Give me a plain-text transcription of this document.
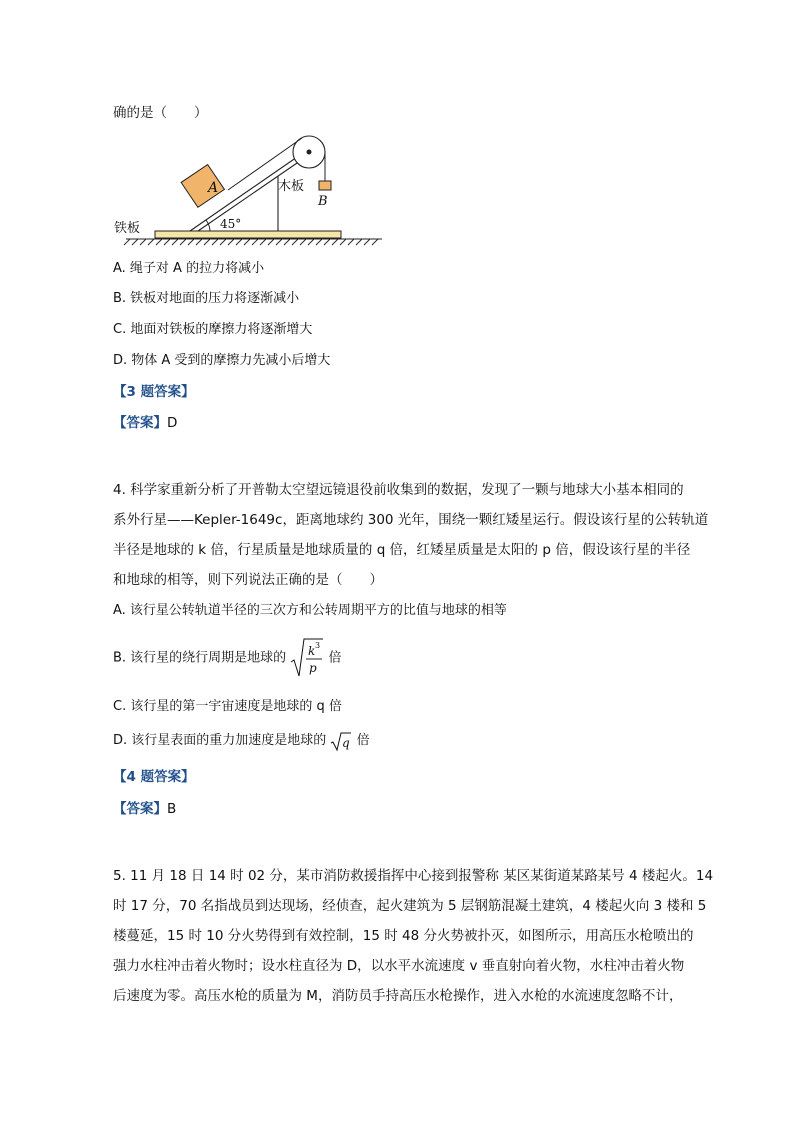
确的是（　　）
A
B
木板
铁板	45°
A. 绳子对 A 的拉力将减小
B. 铁板对地面的压力将逐渐减小
C. 地面对铁板的摩擦力将逐渐增大
D. 物体 A 受到的摩擦力先减小后增大
【3 题答案】
【答案】D
4. 科学家重新分析了开普勒太空望远镜退役前收集到的数据，发现了一颗与地球大小基本相同的
系外行星——Kepler-1649c，距离地球约 300 光年，围绕一颗红矮星运行。假设该行星的公转轨道
半径是地球的 k 倍，行星质量是地球质量的 q 倍，红矮星质量是太阳的 p 倍，假设该行星的半径
和地球的相等，则下列说法正确的是（　　）
A. 该行星公转轨道半径的三次方和公转周期平方的比值与地球的相等
B. 该行星的绕行周期是地球的 k 3
p
倍
C. 该行星的第一宇宙速度是地球的 q 倍
D. 该行星表面的重力加速度是地球的 q 倍
【4 题答案】
【答案】B
5. 11 月 18 日 14 时 02 分，某市消防救援指挥中心接到报警称 某区某街道某路某号 4 楼起火。14
时 17 分，70 名指战员到达现场，经侦查，起火建筑为 5 层钢筋混凝土建筑，4 楼起火向 3 楼和 5
楼蔓延，15 时 10 分火势得到有效控制，15 时 48 分火势被扑灭，如图所示，用高压水枪喷出的
强力水柱冲击着火物时；设水柱直径为 D，以水平水流速度 v 垂直射向着火物，水柱冲击着火物
后速度为零。高压水枪的质量为 M，消防员手持高压水枪操作，进入水枪的水流速度忽略不计，
